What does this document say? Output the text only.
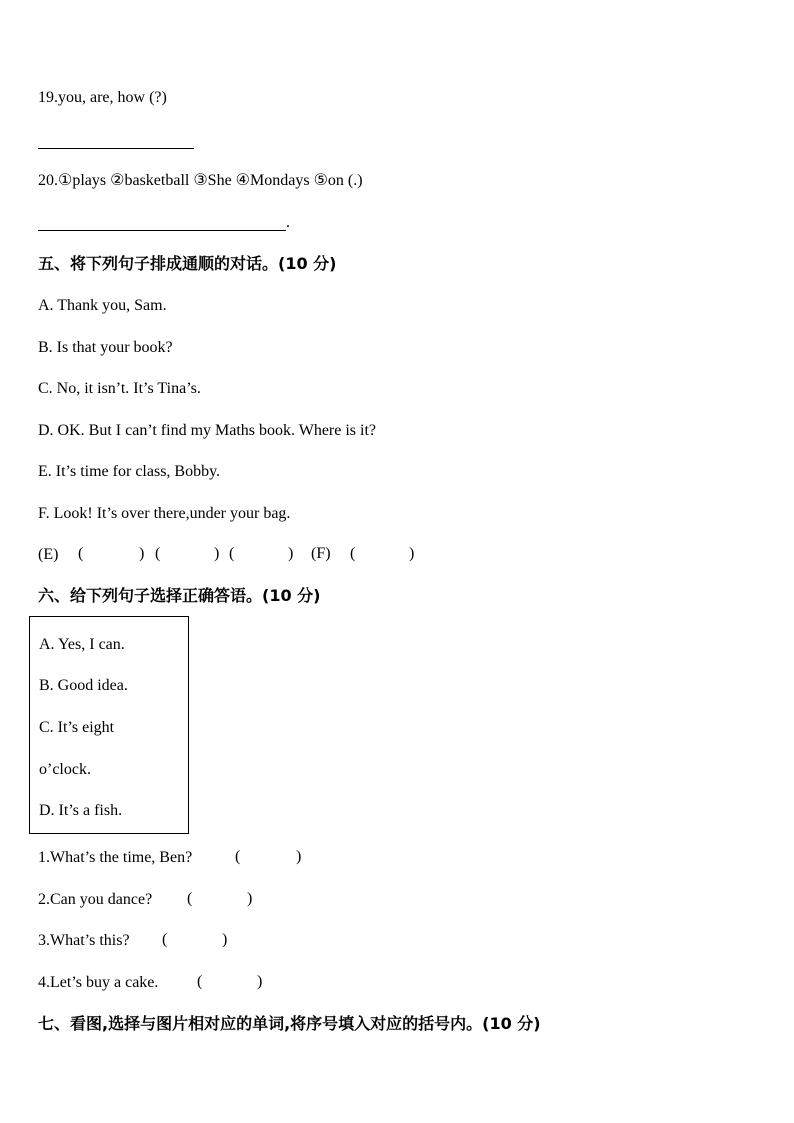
19.you, are, how (?)
20.①plays ②basketball ③She ④Mondays ⑤on (.)
.
五、将下列句子排成通顺的对话。(10 分)
A. Thank you, Sam.
B. Is that your book?
C. No, it isn’t. It’s Tina’s.
D. OK. But I can’t find my Maths book. Where is it?
E. It’s time for class, Bobby.
F. Look! It’s over there,under your bag.
(E) (	) (	) (	) (F) (	)
六、给下列句子选择正确答语。(10 分)
A. Yes, I can.
B. Good idea.
C. It’s eight
o’clock.
D. It’s a fish.
1.What’s the time, Ben?	(	)
2.Can you dance? (	)
3.What’s this? (	)
4.Let’s buy a cake. (	)
七、看图,选择与图片相对应的单词,将序号填入对应的括号内。(10 分)
